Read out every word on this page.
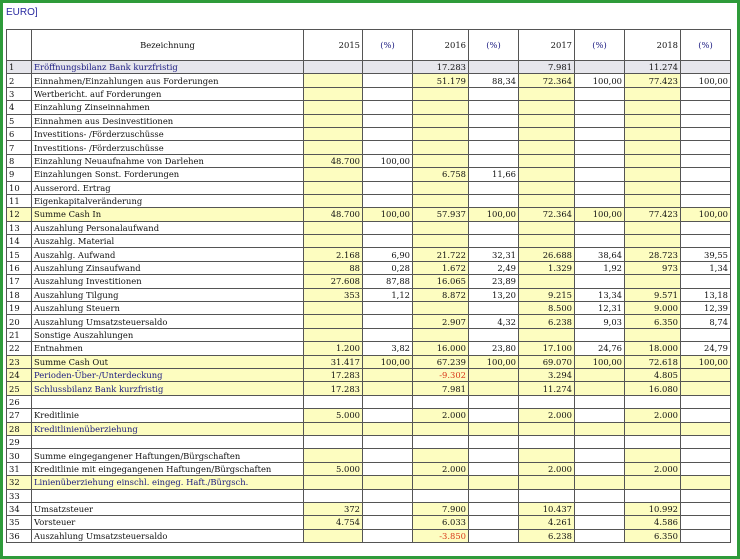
EURO]
	Bezeichnung	2015	(%)	2016	(%)	2017	(%)	2018	(%)
1	Eröffnungsbilanz Bank kurzfristig			17.283		7.981		11.274	
2	Einnahmen/Einzahlungen aus Forderungen			51.179	88,34	72.364	100,00	77.423	100,00
3	Wertbericht. auf Forderungen								
4	Einzahlung Zinseinnahmen								
5	Einnahmen aus Desinvestitionen								
6	Investitions- /Förderzuschüsse								
7	Investitions- /Förderzuschüsse								
8	Einzahlung Neuaufnahme von Darlehen	48.700	100,00						
9	Einzahlungen Sonst. Forderungen			6.758	11,66				
10	Ausserord. Ertrag								
11	Eigenkapitalveränderung								
12	Summe Cash In	48.700	100,00	57.937	100,00	72.364	100,00	77.423	100,00
13	Auszahlung Personalaufwand								
14	Auszahlg. Material								
15	Auszahlg. Aufwand	2.168	6,90	21.722	32,31	26.688	38,64	28.723	39,55
16	Auszahlung Zinsaufwand	88	0,28	1.672	2,49	1.329	1,92	973	1,34
17	Auszahlung Investitionen	27.608	87,88	16.065	23,89				
18	Auszahlung Tilgung	353	1,12	8.872	13,20	9.215	13,34	9.571	13,18
19	Auszahlung Steuern					8.500	12,31	9.000	12,39
20	Auszahlung Umsatzsteuersaldo			2.907	4,32	6.238	9,03	6.350	8,74
21	Sonstige Auszahlungen								
22	Entnahmen	1.200	3,82	16.000	23,80	17.100	24,76	18.000	24,79
23	Summe Cash Out	31.417	100,00	67.239	100,00	69.070	100,00	72.618	100,00
24	Perioden-Über-/Unterdeckung	17.283		-9.302		3.294		4.805	
25	Schlussbilanz Bank kurzfristig	17.283		7.981		11.274		16.080	
26									
27	Kreditlinie	5.000		2.000		2.000		2.000	
28	Kreditlinienüberziehung								
29									
30	Summe eingegangener Haftungen/Bürgschaften								
31	Kreditlinie mit eingegangenen Haftungen/Bürgschaften	5.000		2.000		2.000		2.000	
32	Linienüberziehung einschl. eingeg. Haft./Bürgsch.								
33									
34	Umsatzsteuer	372		7.900		10.437		10.992	
35	Vorsteuer	4.754		6.033		4.261		4.586	
36	Auszahlung Umsatzsteuersaldo			-3.850		6.238		6.350	
